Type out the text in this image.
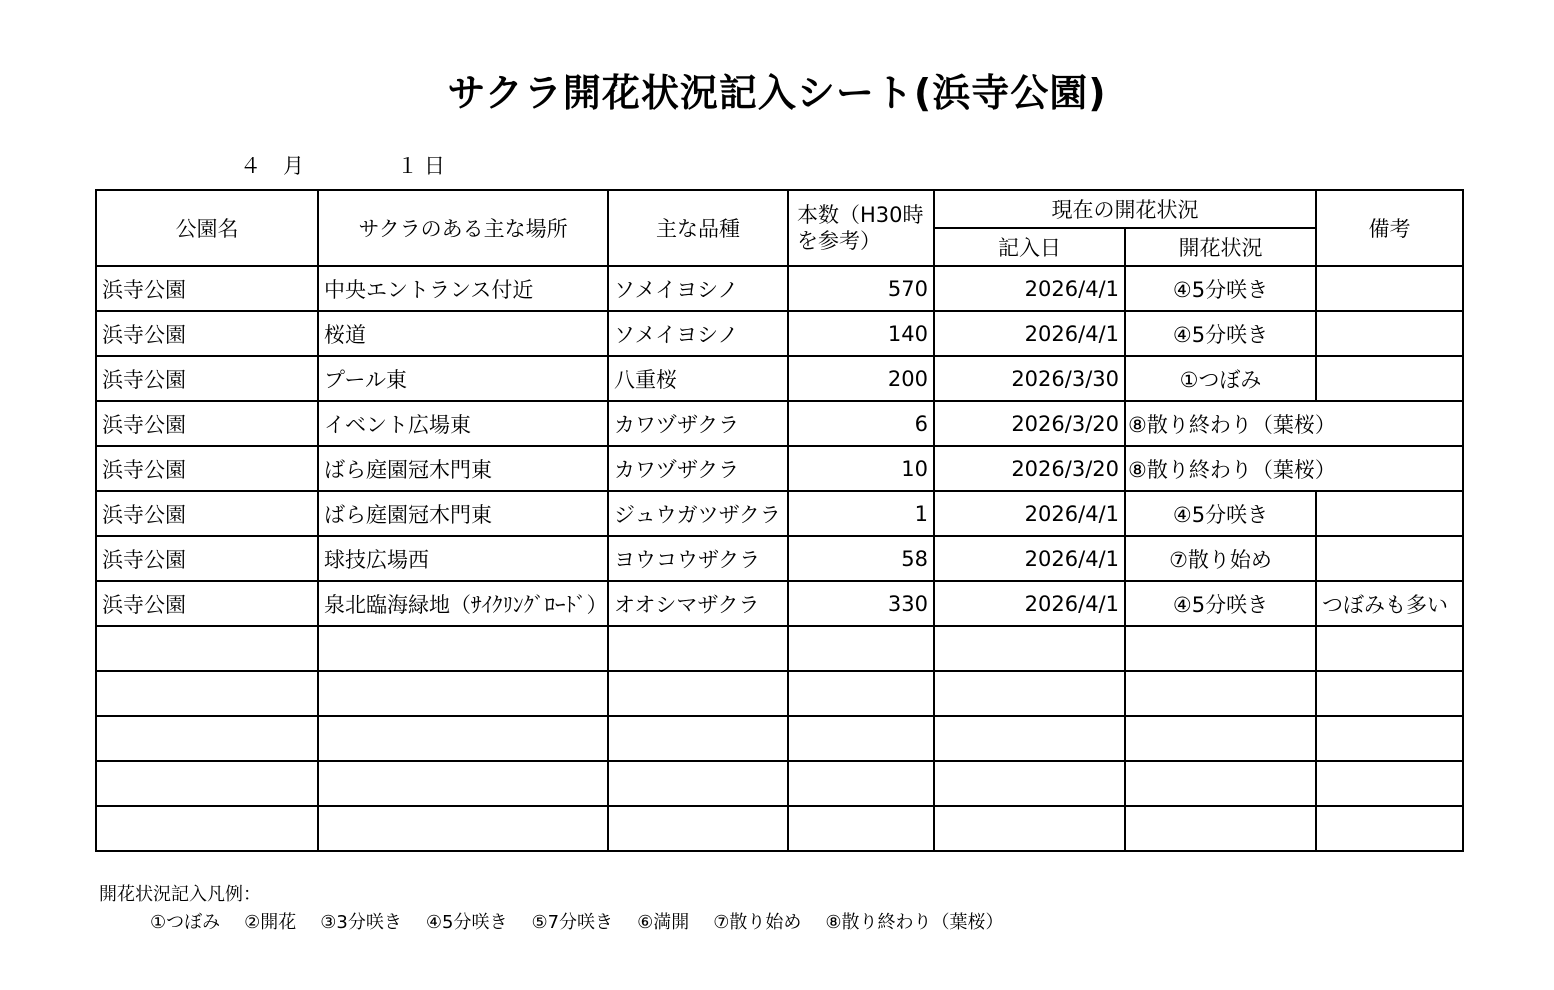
サクラ開花状況記入シート(浜寺公園)
４ 月	１ 日
公園名	サクラのある主な場所	主な品種	本数（H30時を参考）	現在の開花状況		備考
				記入日	開花状況	
浜寺公園	中央エントランス付近	ソメイヨシノ	570	2026/4/1	④5分咲き	
浜寺公園	桜道	ソメイヨシノ	140	2026/4/1	④5分咲き	
浜寺公園	プール東	八重桜	200	2026/3/30	①つぼみ	
浜寺公園	イベント広場東	カワヅザクラ	6	2026/3/20	⑧散り終わり（葉桜）	
浜寺公園	ばら庭園冠木門東	カワヅザクラ	10	2026/3/20	⑧散り終わり（葉桜）	
浜寺公園	ばら庭園冠木門東	ジュウガツザクラ	1	2026/4/1	④5分咲き	
浜寺公園	球技広場西	ヨウコウザクラ	58	2026/4/1	⑦散り始め	
浜寺公園	泉北臨海緑地（ｻｲｸﾘﾝｸﾞﾛｰﾄﾞ）	オオシマザクラ	330	2026/4/1	④5分咲き	つぼみも多い

開花状況記入凡例：
①つぼみ ②開花 ③3分咲き ④5分咲き ⑤7分咲き ⑥満開 ⑦散り始め ⑧散り終わり（葉桜）
